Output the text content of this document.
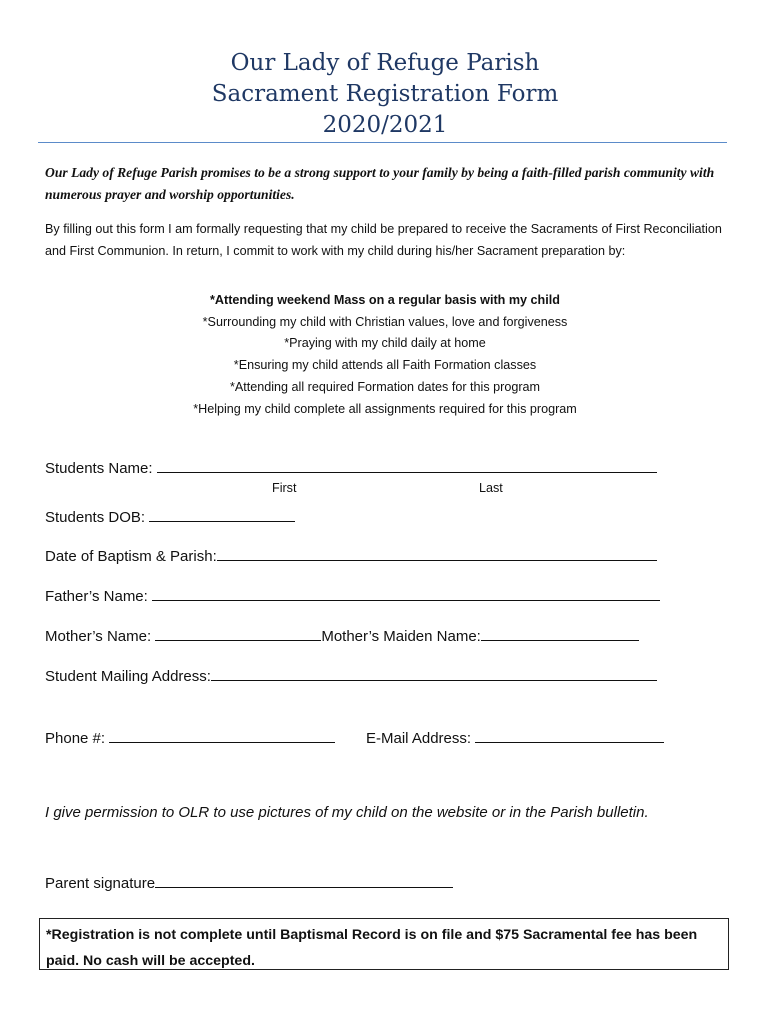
Our Lady of Refuge Parish
Sacrament Registration Form
2020/2021
Our Lady of Refuge Parish promises to be a strong support to your family by being a faith-filled parish community with numerous prayer and worship opportunities.
By filling out this form I am formally requesting that my child be prepared to receive the Sacraments of First Reconciliation and First Communion. In return, I commit to work with my child during his/her Sacrament preparation by:
*Attending weekend Mass on a regular basis with my child
*Surrounding my child with Christian values, love and forgiveness
*Praying with my child daily at home
*Ensuring my child attends all Faith Formation classes
*Attending all required Formation dates for this program
*Helping my child complete all assignments required for this program
Students Name:
First	Last
Students DOB:
Date of Baptism & Parish:
Father’s Name:
Mother’s Name:	Mother’s Maiden Name:
Student Mailing Address:
Phone #:	E-Mail Address:
I give permission to OLR to use pictures of my child on the website or in the Parish bulletin.
Parent signature
*Registration is not complete until Baptismal Record is on file and $75 Sacramental fee has been paid. No cash will be accepted.
